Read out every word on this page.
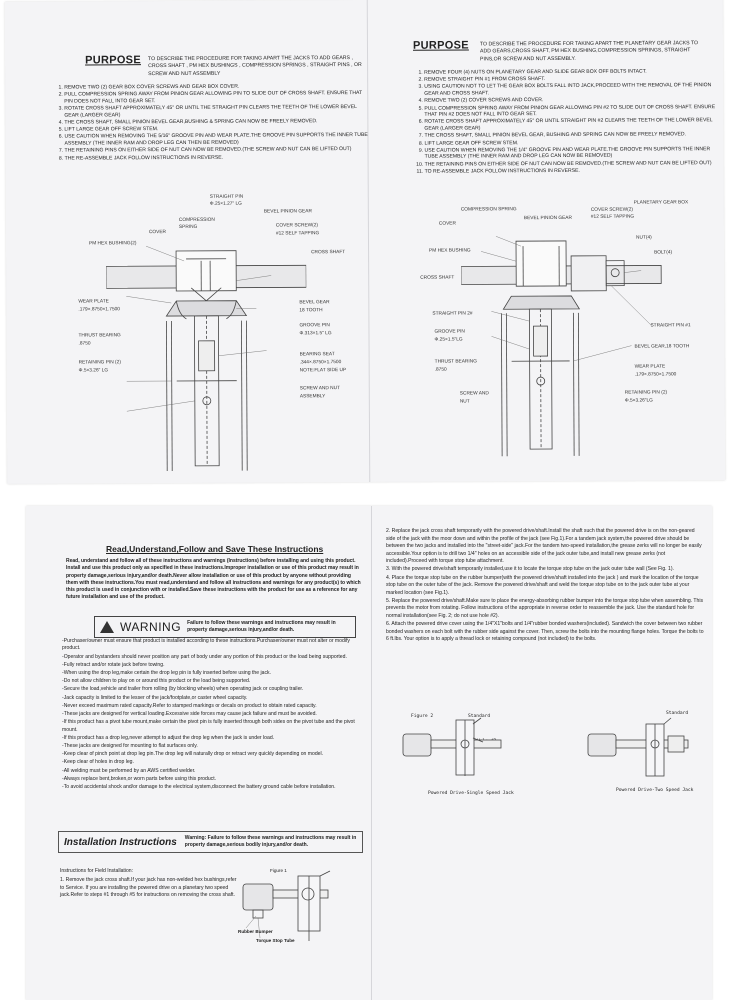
PURPOSE TO DESCRIBE THE PROCEDURE FOR TAKING APART THE JACKS TO ADD GEARS , CROSS SHAFT , PM HEX BUSHINGS , COMPRESSION SPRINGS , STRAIGHT PINS , OR SCREW AND NUT ASSEMBLY
1. REMOVE TWO (2) GEAR BOX COVER SCREWS AND GEAR BOX COVER.
2. PULL COMPRESSION SPRING AWAY FROM PINION GEAR ALLOWING PIN TO SLIDE OUT OF CROSS SHAFT. ENSURE THAT PIN DOES NOT FALL INTO GEAR SET.
3. ROTATE CROSS SHAFT APPROXIMATELY 45° OR UNTIL THE STRAIGHT PIN CLEARS THE TEETH OF THE LOWER BEVEL GEAR (LARGER GEAR)
4. THE CROSS SHAFT, SMALL PINION BEVEL GEAR,BUSHING & SPRING CAN NOW BE FREELY REMOVED.
5. LIFT LARGE GEAR OFF SCREW STEM.
6. USE CAUTION WHEN REMOVING THE 5/16" GROOVE PIN AND WEAR PLATE.THE GROOVE PIN SUPPORTS THE INNER TUBE ASSEMBLY (THE INNER RAM AND DROP LEG CAN THEN BE REMOVED)
7. THE RETAINING PINS ON EITHER SIDE OF NUT CAN NOW BE REMOVED.(THE SCREW AND NUT CAN BE LIFTED OUT)
8. THE RE-ASSEMBLE JACK FOLLOW INSTRUCTIONS IN REVERSE.
STRAIGHT PIN
Φ.25×1.27" LG
BEVEL PINION GEAR
COMPRESSION
SPRING
COVER
COVER SCREW(2)
#12 SELF TAPPING
PM HEX BUSHING(2)
CROSS SHAFT
WEAR PLATE
.179×.8750×1.7500
BEVEL GEAR
18 TOOTH
GROOVE PIN
Φ.313×1.5" LG
THRUST BEARING
.8750
BEARING SEAT
.344×.8750×1.7500
NOTE:FLAT SIDE UP
RETAINING PIN (2)
Φ.5×3.26" LG
SCREW AND NUT
ASSEMBLY
PURPOSE TO DESCRIBE THE PROCEDURE FOR TAKING APART THE PLANETARY GEAR JACKS TO ADD GEARS,CROSS SHAFT, PM HEX BUSHING,COMPRESSION SPRINGS, STRAIGHT PINS,OR SCREW AND NUT ASSEMBLY.
1. REMOVE FOUR (4) NUTS ON PLANETARY GEAR AND SLIDE GEAR BOX OFF BOLTS INTACT.
2. REMOVE STRAIGHT PIN #1 FROM CROSS SHAFT.
3. USING CAUTION NOT TO LET THE GEAR BOX BOLTS FALL INTO JACK,PROCEED WITH THE REMOVAL OF THE PINION GEAR AND CROSS SHAFT.
4. REMOVE TWO (2) COVER SCREWS AND COVER.
5. PULL COMPRESSION SPRING AWAY FROM PINION GEAR ALLOWING PIN #2 TO SLIDE OUT OF CROSS SHAFT. ENSURE THAT PIN #2 DOES NOT FALL INTO GEAR SET.
6. ROTATE CROSS SHAFT APPROXIMATELY 45° OR UNTIL STRAIGHT PIN #2 CLEARS THE TEETH OF THE LOWER BEVEL GEAR (LARGER GEAR)
7. THE CROSS SHAFT, SMALL PINION BEVEL GEAR, BUSHING AND SPRING CAN NOW BE FREELY REMOVED.
8. LIFT LARGE GEAR OFF SCREW STEM.
9. USE CAUTION WHEN REMOVING THE 1/4" GROOVE PIN AND WEAR PLATE.THE GROOVE PIN SUPPORTS THE INNER TUBE ASSEMBLY (THE INNER RAM AND DROP LEG CAN NOW BE REMOVED)
10. THE RETAINING PINS ON EITHER SIDE OF NUT CAN NOW BE REMOVED.(THE SCREW AND NUT CAN BE LIFTED OUT)
11. TO RE-ASSEMBLE JACK FOLLOW INSTRUCTIONS IN REVERSE.
COMPRESSION SPRING
BEVEL PINION GEAR
COVER SCREW(2)
#12 SELF TAPPING
PLANETARY GEAR BOX
COVER
NUT(4)
PM HEX BUSHING	BOLT(4)
CROSS SHAFT
STRAIGHT PIN 2#
STRAIGHT PIN #1
GROOVE PIN
Φ.25×1.5"LG
BEVEL GEAR,18 TOOTH
THRUST BEARING
.8750
WEAR PLATE
.179×.8750×1.7500
SCREW AND
NUT
RETAINING PIN (2)
Φ.5×3.26"LG
Read,Understand,Follow and Save These Instructions
Read, understand and follow all of these instructions and warnings (Instructions) before installing and using this product. Install and use this product only as specified in these instructions.Improper installation or use of this product may result in property damage,serious injury,and/or death.Never allow installation or use of this product by anyone without providing them with these instructions.You must read,understand and follow all instructions and warnings for any product(s) to which this product is used in conjunction with or installed.Save these instructions with the product for use as a reference for any future installation and use of the product.
WARNING Failure to follow these warnings and instructions may result in property damage,serious injury,and/or death.

-Purchaser/owner must ensure that product is installed according to these instructions.Purchaser/owner must not alter or modify product.

-Operator and bystanders should never position any part of body under any portion of this product or the load being supported.

-Fully retract and/or rotate jack before towing.

-When using the drop leg,make certain the drop leg pin is fully inserted before using the jack.

-Do not allow children to play on or around this product or the load being supported.

-Secure the load,vehicle and trailer from rolling (by blocking wheels) when operating jack or coupling trailer.

-Jack capacity is limited to the lesser of the jack/footplate,or caster wheel capacity.

-Never exceed maximum rated capacity.Refer to stamped markings or decals on product to obtain rated capacity.

-These jacks are designed for vertical loading.Excessive side forces may cause jack failure and must be avoided.

-If this product has a pivot tube mount,make certain the pivot pin is fully inserted through both sides on the pivot tube and the pivot mount.

-If this product has a drop leg,never attempt to adjust the drop leg when the jack is under load.

-These jacks are designed for mounting to flat surfaces only.

-Keep clear of pinch point at drop leg pin.The drop leg will naturally drop or retract very quickly depending on model.

-Keep clear of holes in drop leg.

-All welding must be performed by an AWS certified welder.

-Always replace bent,broken,or worn parts before using this product.

-To avoid accidental shock and/or damage to the electrical system,disconnect the battery ground cable before installation.

Installation Instructions Warning: Failure to follow these warnings and instructions may result in property damage,serious bodily injury,and/or death.
Instructions for Field Installation:
1. Remove the jack cross shaft.If your jack has non-welded hex bushings,refer to Service. If you are installing the powered drive on a planetary two speed jack.Refer to steps #1 through #5 for instructions on removing the cross shaft.
Figure 1
Rubber Bumper
Torque Stop Tube

2. Replace the jack cross shaft temporarily with the powered drive/shaft.Install the shaft such that the powered drive is on the non-geared side of the jack with the moor down and within the profile of the jack (see Fig.1).For a tandem jack system,the powered drive should be between the two jacks and installed into the "street-side" jack.For the tandem two-speed installation,the grease zerks will no longer be easily accessible.Your option is to drill two 1/4" holes on an accessible side of the jack outer tube,and install new grease zerks (not included).Proceed with torque stop tube attachment.

3. With the powered drive/shaft temporarily installed,use it to locate the torque stop tube on the jack outer tube wall (See Fig. 1).

4. Place the torque stop tube on the rubber bumper(with the powered drive/shaft installed into the jack ) and mark the location of the torque stop tube on the outer tube of the jack. Remove the powered drive/shaft and weld the torque stop tube on to the jack outer tube at your marked location (see Fig.1).

5. Replace the powered drive/shaft.Make sure to place the energy-absorbing rubber bumper into the torque stop tube when assembling. This prevents the motor from rotating. Follow instructions of the appropriate in reverse order to reassemble the jack. Use the standard hole for normal installation(see Fig. 2; do not use hole #2).

6. Attach the powered drive cover using the 1/4"X1"bolts and 1/4"rubber bonded washers(included). Sandwich the cover between two rubber bonded washers on each bolt with the rubber side against the cover. Then, screw the bolts into the mounting flange holes. Torque the bolts to 6 ft.lbs. Your option is to apply a thread lock or retaining compound (not included) to the bolts.

Figure 2	Standard
Standard
Powered Drive-Single Speed Jack
Powered Drive-Two Speed Jack
